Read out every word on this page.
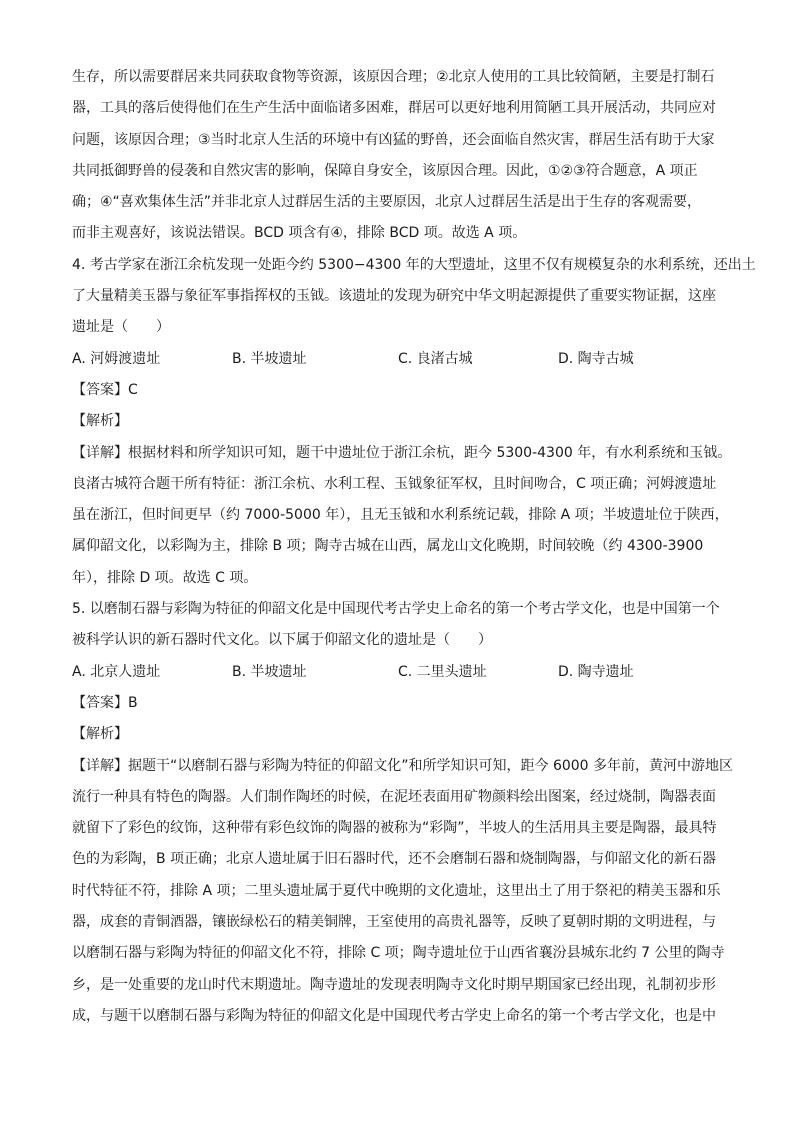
生存，所以需要群居来共同获取食物等资源，该原因合理；②北京人使用的工具比较简陋，主要是打制石
器，工具的落后使得他们在生产生活中面临诸多困难，群居可以更好地利用简陋工具开展活动，共同应对
问题，该原因合理；③当时北京人生活的环境中有凶猛的野兽，还会面临自然灾害，群居生活有助于大家
共同抵御野兽的侵袭和自然灾害的影响，保障自身安全，该原因合理。因此，①②③符合题意，A 项正
确；④“喜欢集体生活”并非北京人过群居生活的主要原因，北京人过群居生活是出于生存的客观需要，
而非主观喜好，该说法错误。BCD 项含有④，排除 BCD 项。故选 A 项。
4. 考古学家在浙江余杭发现一处距今约 5300−4300 年的大型遗址，这里不仅有规模复杂的水利系统，还出土
了大量精美玉器与象征军事指挥权的玉钺。该遗址的发现为研究中华文明起源提供了重要实物证据，这座
遗址是（　　）
A. 河姆渡遗址	B. 半坡遗址	C. 良渚古城	D. 陶寺古城
【答案】C
【解析】
【详解】根据材料和所学知识可知，题干中遗址位于浙江余杭，距今 5300-4300 年，有水利系统和玉钺。
良渚古城符合题干所有特征：浙江余杭、水利工程、玉钺象征军权，且时间吻合，C 项正确；河姆渡遗址
虽在浙江，但时间更早（约 7000-5000 年），且无玉钺和水利系统记载，排除 A 项；半坡遗址位于陕西，
属仰韶文化，以彩陶为主，排除 B 项；陶寺古城在山西，属龙山文化晚期，时间较晚（约 4300-3900
年），排除 D 项。故选 C 项。
5. 以磨制石器与彩陶为特征的仰韶文化是中国现代考古学史上命名的第一个考古学文化，也是中国第一个
被科学认识的新石器时代文化。以下属于仰韶文化的遗址是（　　）
A. 北京人遗址	B. 半坡遗址	C. 二里头遗址	D. 陶寺遗址
【答案】B
【解析】
【详解】据题干“以磨制石器与彩陶为特征的仰韶文化”和所学知识可知，距今 6000 多年前，黄河中游地区
流行一种具有特色的陶器。人们制作陶坯的时候，在泥坯表面用矿物颜料绘出图案，经过烧制，陶器表面
就留下了彩色的纹饰，这种带有彩色纹饰的陶器的被称为“彩陶”，半坡人的生活用具主要是陶器，最具特
色的为彩陶，B 项正确；北京人遗址属于旧石器时代，还不会磨制石器和烧制陶器，与仰韶文化的新石器
时代特征不符，排除 A 项；二里头遗址属于夏代中晚期的文化遗址，这里出土了用于祭祀的精美玉器和乐
器，成套的青铜酒器，镶嵌绿松石的精美铜牌，王室使用的高贵礼器等，反映了夏朝时期的文明进程，与
以磨制石器与彩陶为特征的仰韶文化不符，排除 C 项；陶寺遗址位于山西省襄汾县城东北约 7 公里的陶寺
乡，是一处重要的龙山时代末期遗址。陶寺遗址的发现表明陶寺文化时期早期国家已经出现，礼制初步形
成，与题干以磨制石器与彩陶为特征的仰韶文化是中国现代考古学史上命名的第一个考古学文化，也是中
